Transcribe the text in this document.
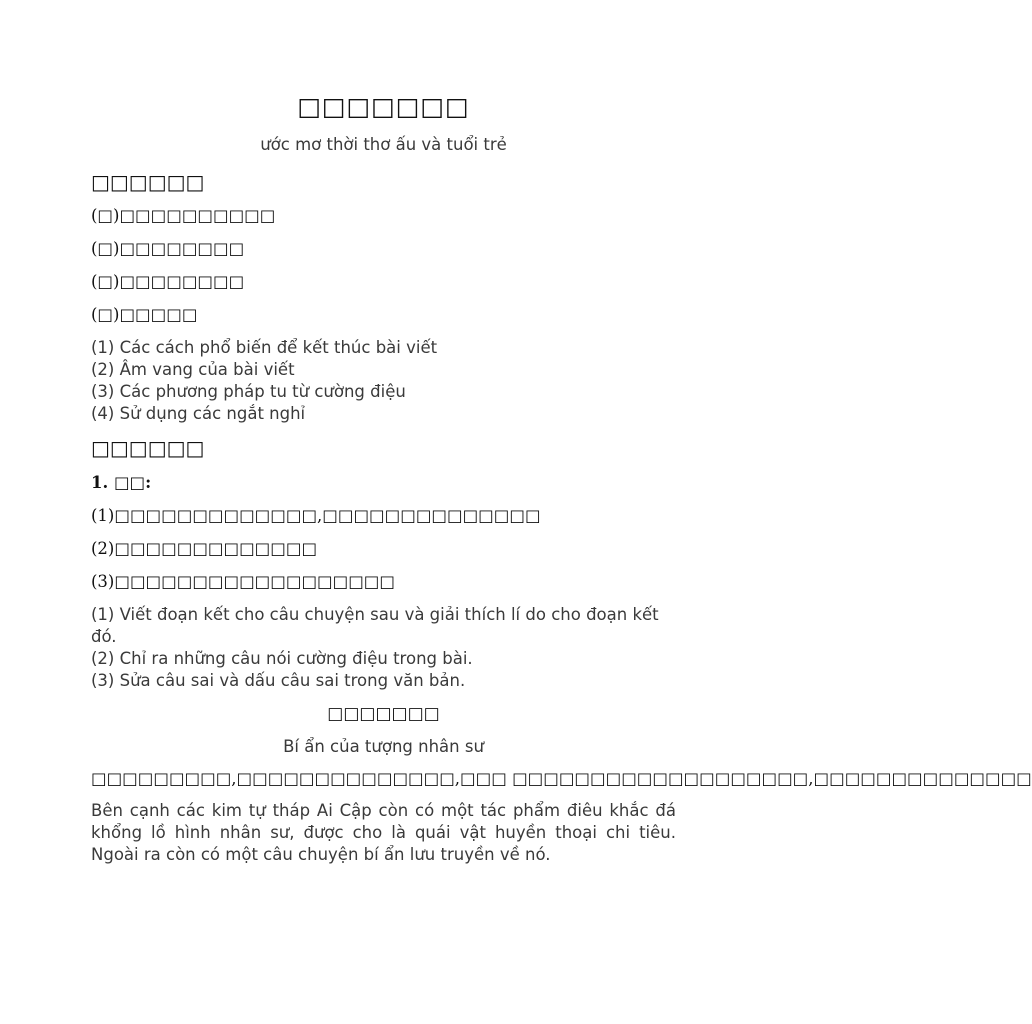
□□□□□□□
ước mơ thời thơ ấu và tuổi trẻ
□□□□□□
(□)□□□□□□□□□□
(□)□□□□□□□□
(□)□□□□□□□□
(□)□□□□□
(1) Các cách phổ biến để kết thúc bài viết
(2) Âm vang của bài viết
(3) Các phương pháp tu từ cường điệu
(4) Sử dụng các ngắt nghỉ
□□□□□□
1. □□:
(1)□□□□□□□□□□□□□,□□□□□□□□□□□□□□
(2)□□□□□□□□□□□□□
(3)□□□□□□□□□□□□□□□□□□
(1) Viết đoạn kết cho câu chuyện sau và giải thích lí do cho đoạn kết đó.
(2) Chỉ ra những câu nói cường điệu trong bài.
(3) Sửa câu sai và dấu câu sai trong văn bản.
□□□□□□□
Bí ẩn của tượng nhân sư
□□□□□□□□□,□□□□□□□□□□□□□□,□□□ □□□□□□□□□□□□□□□□□□□,□□□□□□□□□□□□□□
Bên cạnh các kim tự tháp Ai Cập còn có một tác phẩm điêu khắc đá khổng lồ hình nhân sư, được cho là quái vật huyền thoại chi tiêu. Ngoài ra còn có một câu chuyện bí ẩn lưu truyền về nó.
